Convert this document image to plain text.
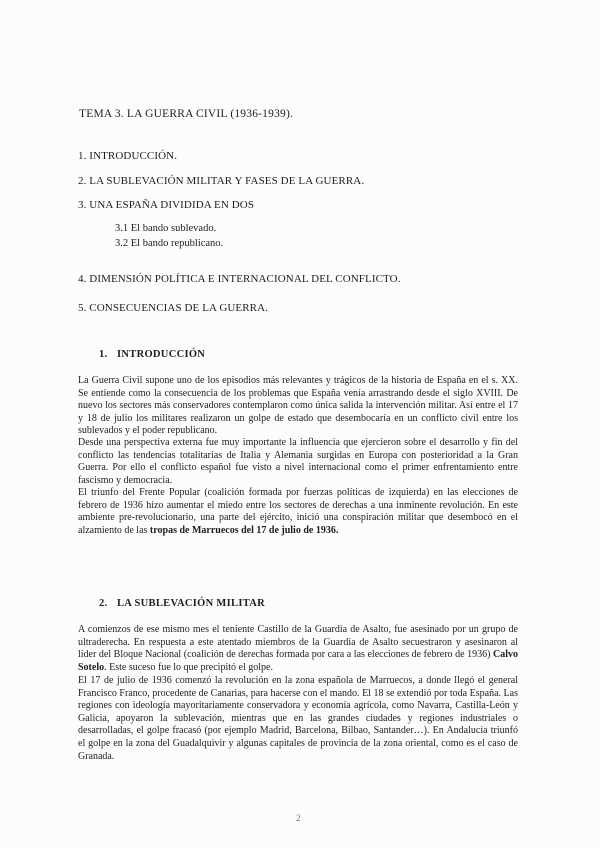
TEMA 3. LA GUERRA CIVIL (1936-1939).
1. INTRODUCCIÓN.
2. LA SUBLEVACIÓN MILITAR Y FASES DE LA GUERRA.
3. UNA ESPAÑA DIVIDIDA EN DOS
3.1 El bando sublevado.
3.2 El bando republicano.
4. DIMENSIÓN POLÍTICA E INTERNACIONAL DEL CONFLICTO.
5. CONSECUENCIAS DE LA GUERRA.
1. INTRODUCCIÓN

La Guerra Civil supone uno de los episodios más relevantes y trágicos de la historia de España en el s. XX. Se entiende como la consecuencia de los problemas que España venía arrastrando desde el siglo XVIII. De nuevo los sectores más conservadores contemplaron como única salida la intervención militar. Así entre el 17 y 18 de julio los militares realizaron un golpe de estado que desembocaría en un conflicto civil entre los sublevados y el poder republicano.

Desde una perspectiva externa fue muy importante la influencia que ejercieron sobre el desarrollo y fin del conflicto las tendencias totalitarias de Italia y Alemania surgidas en Europa con posterioridad a la Gran Guerra. Por ello el conflicto español fue visto a nivel internacional como el primer enfrentamiento entre fascismo y democracia.

El triunfo del Frente Popular (coalición formada por fuerzas políticas de izquierda) en las elecciones de febrero de 1936 hizo aumentar el miedo entre los sectores de derechas a una inminente revolución. En este ambiente pre-revolucionario, una parte del ejército, inició una conspiración militar que desembocó en el alzamiento de las tropas de Marruecos del 17 de julio de 1936.

2. LA SUBLEVACIÓN MILITAR

A comienzos de ese mismo mes el teniente Castillo de la Guardia de Asalto, fue asesinado por un grupo de ultraderecha. En respuesta a este atentado miembros de la Guardia de Asalto secuestraron y asesinaron al líder del Bloque Nacional (coalición de derechas formada por cara a las elecciones de febrero de 1936) Calvo Sotelo. Este suceso fue lo que precipitó el golpe.

El 17 de julio de 1936 comenzó la revolución en la zona española de Marruecos, a donde llegó el general Francisco Franco, procedente de Canarias, para hacerse con el mando. El 18 se extendió por toda España. Las regiones con ideología mayoritariamente conservadora y economía agrícola, como Navarra, Castilla-León y Galicia, apoyaron la sublevación, mientras que en las grandes ciudades y regiones industriales o desarrolladas, el golpe fracasó (por ejemplo Madrid, Barcelona, Bilbao, Santander…). En Andalucía triunfó el golpe en la zona del Guadalquivir y algunas capitales de provincia de la zona oriental, como es el caso de Granada.

2
